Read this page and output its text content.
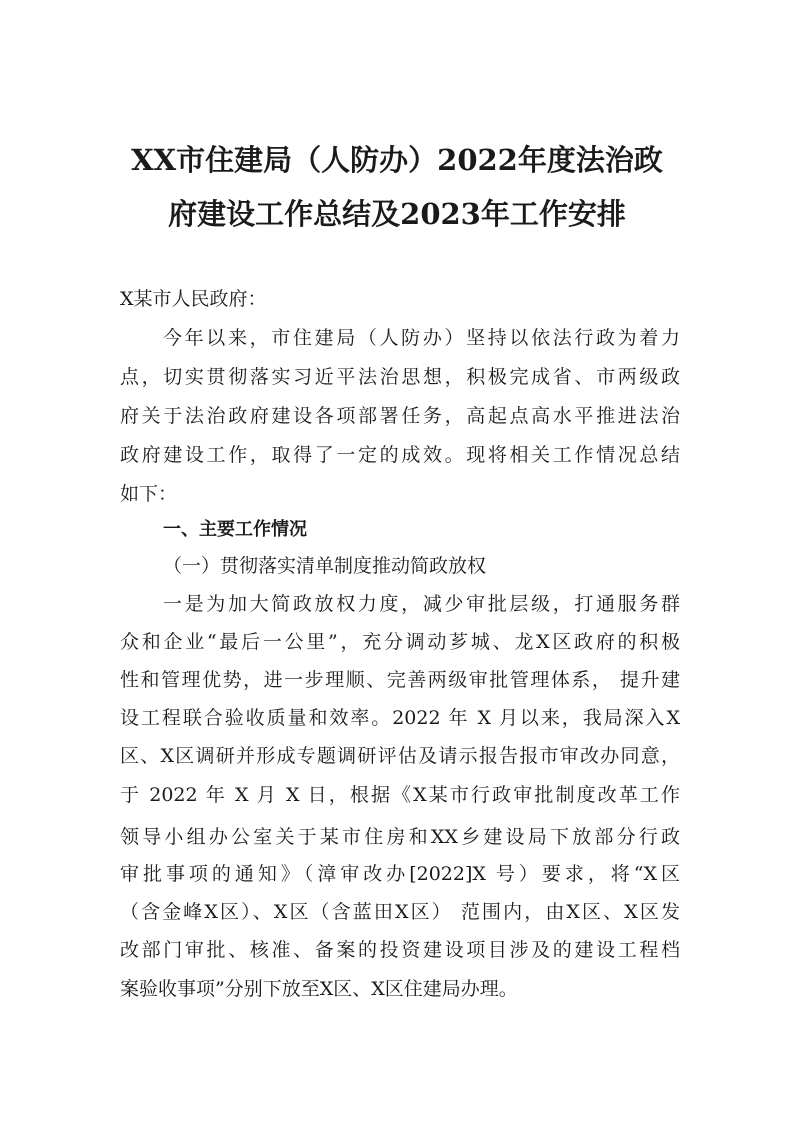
XX市住建局（人防办）2022年度法治政
府建设工作总结及2023年工作安排
X某市人民政府：
今年以来，市住建局（人防办）坚持以依法行政为着力
点，切实贯彻落实习近平法治思想，积极完成省、市两级政
府关于法治政府建设各项部署任务，高起点高水平推进法治
政府建设工作，取得了一定的成效。现将相关工作情况总结
如下：
一、主要工作情况
（一）贯彻落实清单制度推动简政放权
一是为加大简政放权力度，减少审批层级，打通服务群
众和企业“最后一公里”，充分调动芗城、龙X区政府的积极
性和管理优势，进一步理顺、完善两级审批管理体系， 提升建
设工程联合验收质量和效率。2022 年 X 月以来，我局深入X
区、X区调研并形成专题调研评估及请示报告报市审改办同意，
于 2022 年 X 月 X 日，根据《X某市行政审批制度改革工作
领导小组办公室关于某市住房和XX乡建设局下放部分行政
审批事项的通知》（漳审改办[2022]X 号）要求，将“X区
（含金峰X区）、X区（含蓝田X区） 范围内，由X区、X区发
改部门审批、核准、备案的投资建设项目涉及的建设工程档
案验收事项”分别下放至X区、X区住建局办理。
